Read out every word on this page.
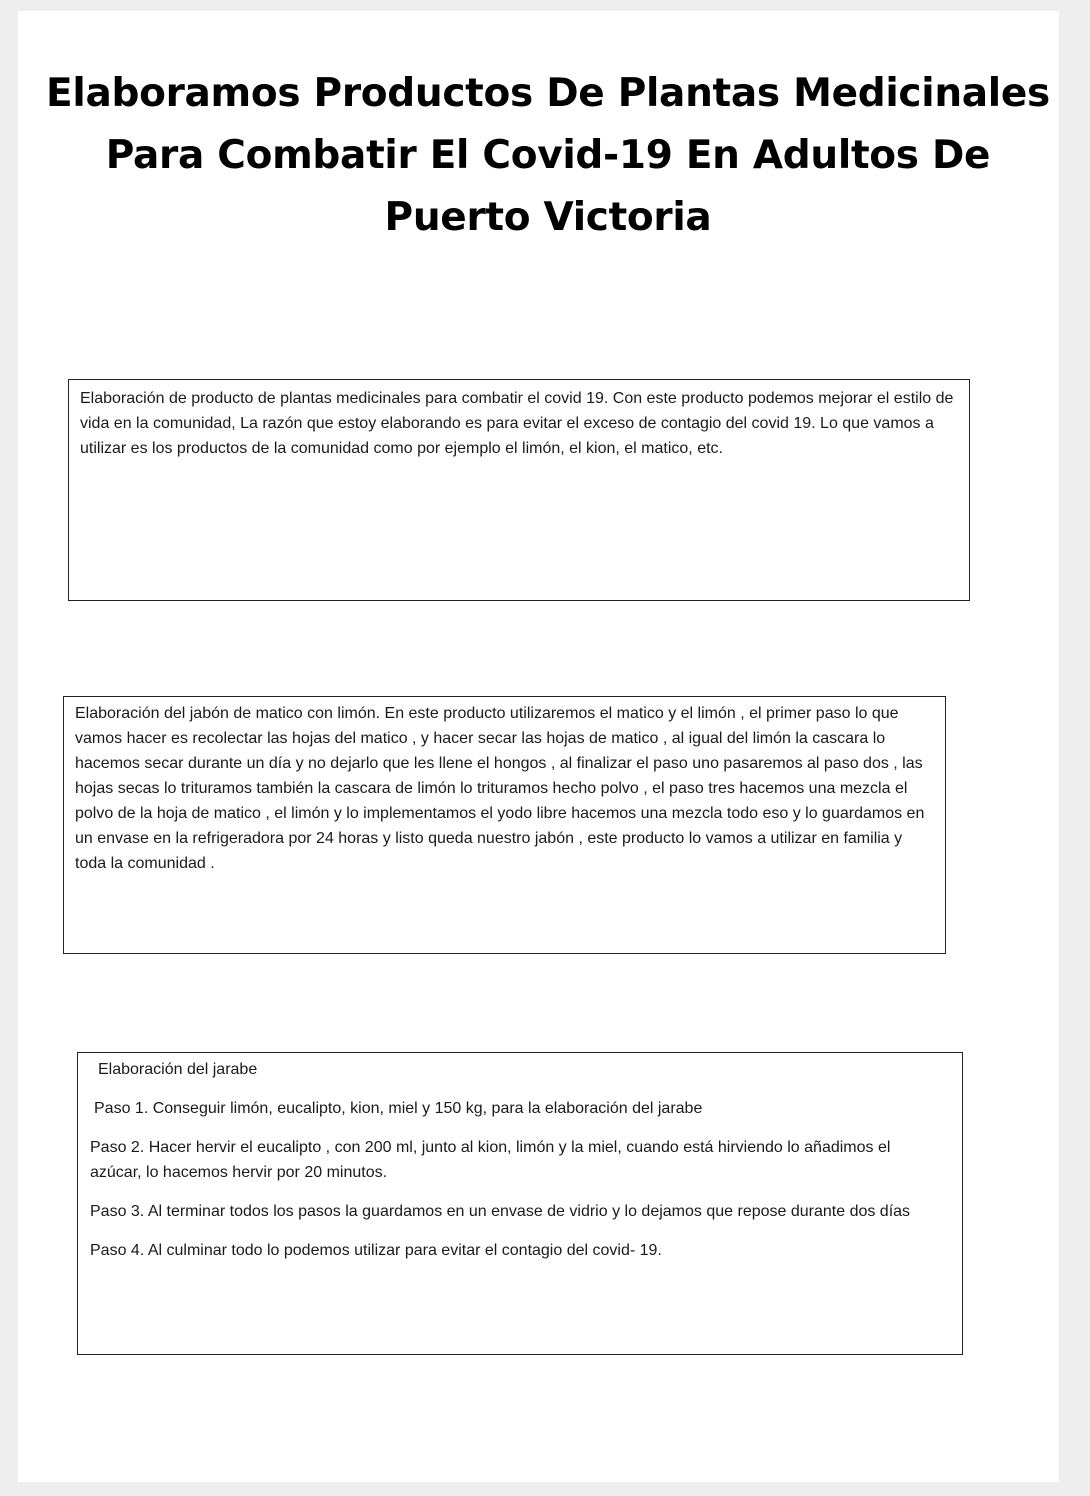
Elaboramos Productos De Plantas Medicinales
Para Combatir El Covid-19 En Adultos De
Puerto Victoria

Elaboración de producto de plantas medicinales para combatir el covid 19. Con este producto podemos mejorar el estilo de vida en la comunidad, La razón que estoy elaborando es para evitar el exceso de contagio del covid 19. Lo que vamos a utilizar es los productos de la comunidad como por ejemplo el limón, el kion, el matico, etc.

Elaboración del jabón de matico con limón. En este producto utilizaremos el matico y el limón , el primer paso lo que vamos hacer es recolectar las hojas del matico , y hacer secar las hojas de matico , al igual del limón la cascara lo hacemos secar durante un día y no dejarlo que les llene el hongos , al finalizar el paso uno pasaremos al paso dos , las hojas secas lo trituramos también la cascara de limón lo trituramos hecho polvo , el paso tres hacemos una mezcla el polvo de la hoja de matico , el limón y lo implementamos el yodo libre hacemos una mezcla todo eso y lo guardamos en un envase en la refrigeradora por 24 horas y listo queda nuestro jabón , este producto lo vamos a utilizar en familia y toda la comunidad .

Elaboración del jarabe

Paso 1. Conseguir limón, eucalipto, kion, miel y 150 kg, para la elaboración del jarabe

Paso 2. Hacer hervir el eucalipto , con 200 ml, junto al kion, limón y la miel, cuando está hirviendo lo añadimos el azúcar, lo hacemos hervir por 20 minutos.

Paso 3. Al terminar todos los pasos la guardamos en un envase de vidrio y lo dejamos que repose durante dos días

Paso 4. Al culminar todo lo podemos utilizar para evitar el contagio del covid- 19.
